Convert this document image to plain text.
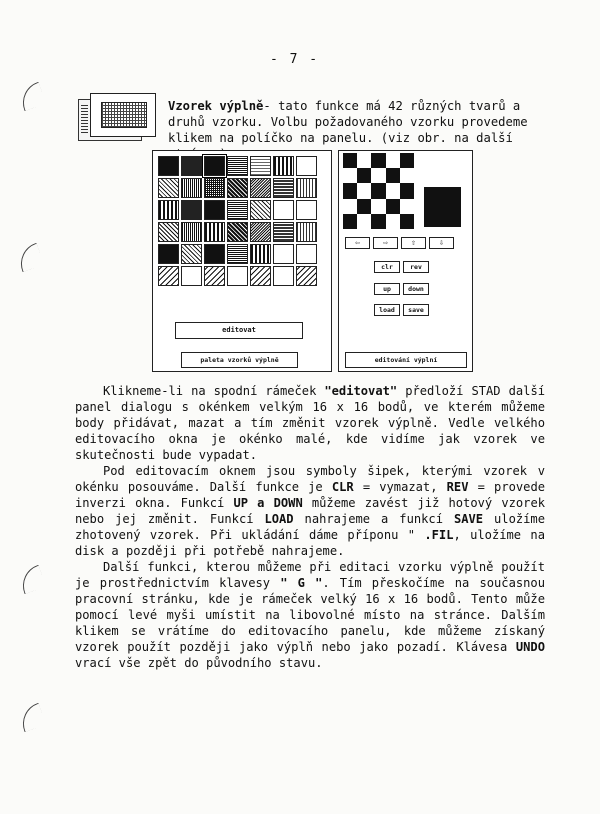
- 7 -
Vzorek výplně- tato funkce má 42 různých tvarů a druhů vzorku. Volbu požadovaného vzorku provedeme klikem na políčko na panelu. (viz obr. na další
editovat
paleta vzorků výplně
⇦	⇨	⇧	⇩
clr	rev
up	down
load	save
editování výplní

Klikneme-li na spodní rámeček "editovat" předloží STAD další panel dialogu s okénkem velkým 16 x 16 bodů, ve kterém můžeme body přidávat, mazat a tím změnit vzorek výplně. Vedle velkého editovacího okna je okénko malé, kde vidíme jak vzorek ve skutečnosti bude vypadat.

Pod editovacím oknem jsou symboly šipek, kterými vzorek v okénku posouváme. Další funkce je CLR = vymazat, REV = provede inverzi okna. Funkcí UP a DOWN můžeme zavést již hotový vzorek nebo jej změnit. Funkcí LOAD nahrajeme a funkcí SAVE uložíme zhotovený vzorek. Při ukládání dáme příponu " .FIL, uložíme na disk a později při potřebě nahrajeme.

Další funkci, kterou můžeme při editaci vzorku výplně použít je prostřednictvím klavesy " G ". Tím přeskočíme na současnou pracovní stránku, kde je rámeček velký 16 x 16 bodů. Tento může pomocí levé myši umístit na libovolné místo na stránce. Dalším klikem se vrátíme do editovacího panelu, kde můžeme získaný vzorek použít později jako výplň nebo jako pozadí. Klávesa UNDO vrací vše zpět do původního stavu.
